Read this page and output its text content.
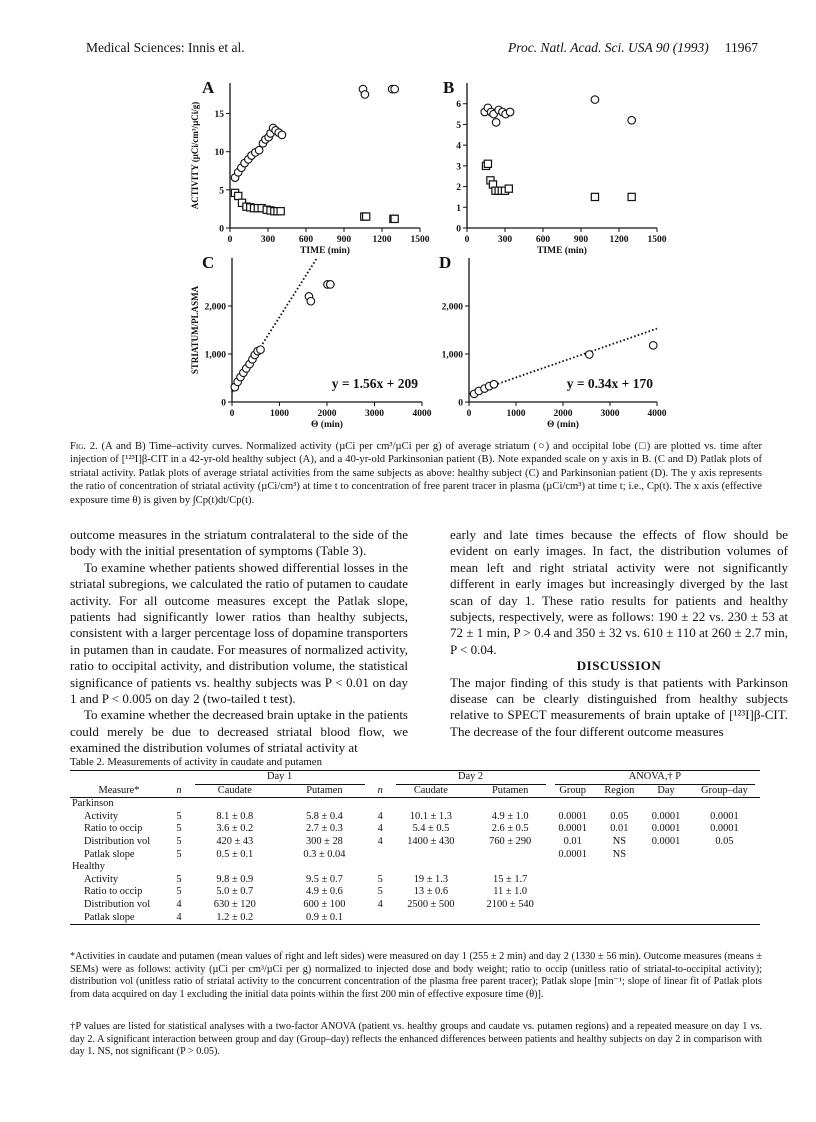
Medical Sciences: Innis et al.	Proc. Natl. Acad. Sci. USA 90 (1993) 11967
A
0	300	600	900 1200 1500
0
5
10
15
TIME (min)
ACTIVITY (µCi/cm³/µCi/g)
B
0	300	600	900 1200 1500
0
1
2
3
4
5
6
TIME (min)
C
0	1000	2000	3000	4000
0
1,000
2,000
Θ (min)
STRIATUM/PLASMA
y = 1.56x + 209
D
0	1000	2000	3000	4000
0
1,000
2,000
Θ (min)
y = 0.34x + 170
Fig. 2. (A and B) Time–activity curves. Normalized activity (µCi per cm³/µCi per g) of average striatum (○) and occipital lobe (□) are plotted vs. time after injection of [¹²³I]β-CIT in a 42-yr-old healthy subject (A), and a 40-yr-old Parkinsonian patient (B). Note expanded scale on y axis in B. (C and D) Patlak plots of striatal activity. Patlak plots of average striatal activities from the same subjects as above: healthy subject (C) and Parkinsonian patient (D). The y axis represents the ratio of concentration of striatal activity (µCi/cm³) at time t to concentration of free parent tracer in plasma (µCi/cm³) at time t; i.e., Cp(t). The x axis (effective exposure time θ) is given by ∫Cp(t)dt/Cp(t).

outcome measures in the striatum contralateral to the side of the body with the initial presentation of symptoms (Table 3).

To examine whether patients showed differential losses in the striatal subregions, we calculated the ratio of putamen to caudate activity. For all outcome measures except the Patlak slope, patients had significantly lower ratios than healthy subjects, consistent with a larger percentage loss of dopamine transporters in putamen than in caudate. For measures of normalized activity, ratio to occipital activity, and distribution volume, the statistical significance of patients vs. healthy subjects was P < 0.01 on day 1 and P < 0.005 on day 2 (two-tailed t test).

To examine whether the decreased brain uptake in the patients could merely be due to decreased striatal blood flow, we examined the distribution volumes of striatal activity at

early and late times because the effects of flow should be evident on early images. In fact, the distribution volumes of mean left and right striatal activity were not significantly different in early images but increasingly diverged by the last scan of day 1. These ratio results for patients and healthy subjects, respectively, were as follows: 190 ± 22 vs. 230 ± 53 at 72 ± 1 min, P > 0.4 and 350 ± 32 vs. 610 ± 110 at 260 ± 2.7 min, P < 0.04.

DISCUSSION

The major finding of this study is that patients with Parkinson disease can be clearly distinguished from healthy subjects relative to SPECT measurements of brain uptake of [¹²³I]β-CIT. The decrease of the four different outcome measures

Table 2. Measurements of activity in caudate and putamen
		Day 1			Day 2		ANOVA,† P			
Measure*	n	Caudate	Putamen	n	Caudate	Putamen	Group	Region	Day	Group–day
Parkinson										
Activity	5	8.1 ± 0.8	5.8 ± 0.4	4	10.1 ± 1.3	4.9 ± 1.0	0.0001	0.05	0.0001	0.0001
Ratio to occip	5	3.6 ± 0.2	2.7 ± 0.3	4	5.4 ± 0.5	2.6 ± 0.5	0.0001	0.01	0.0001	0.0001
Distribution vol	5	420 ± 43	300 ± 28	4	1400 ± 430	760 ± 290	0.01	NS	0.0001	0.05
Patlak slope	5	0.5 ± 0.1	0.3 ± 0.04				0.0001	NS		
Healthy										
Activity	5	9.8 ± 0.9	9.5 ± 0.7	5	19 ± 1.3	15 ± 1.7				
Ratio to occip	5	5.0 ± 0.7	4.9 ± 0.6	5	13 ± 0.6	11 ± 1.0				
Distribution vol	4	630 ± 120	600 ± 100	4	2500 ± 500	2100 ± 540				
Patlak slope	4	1.2 ± 0.2	0.9 ± 0.1							
*Activities in caudate and putamen (mean values of right and left sides) were measured on day 1 (255 ± 2 min) and day 2 (1330 ± 56 min). Outcome measures (means ± SEMs) were as follows: activity (µCi per cm³/µCi per g) normalized to injected dose and body weight; ratio to occip (unitless ratio of striatal-to-occipital activity); distribution vol (unitless ratio of striatal activity to the concurrent concentration of the plasma free parent tracer); Patlak slope [min⁻¹; slope of linear fit of Patlak plots from data acquired on day 1 excluding the initial data points within the first 200 min of effective exposure time (θ)].
†P values are listed for statistical analyses with a two-factor ANOVA (patient vs. healthy groups and caudate vs. putamen regions) and a repeated measure on day 1 vs. day 2. A significant interaction between group and day (Group–day) reflects the enhanced differences between patients and healthy subjects on day 2 in comparison with day 1. NS, not significant (P > 0.05).
